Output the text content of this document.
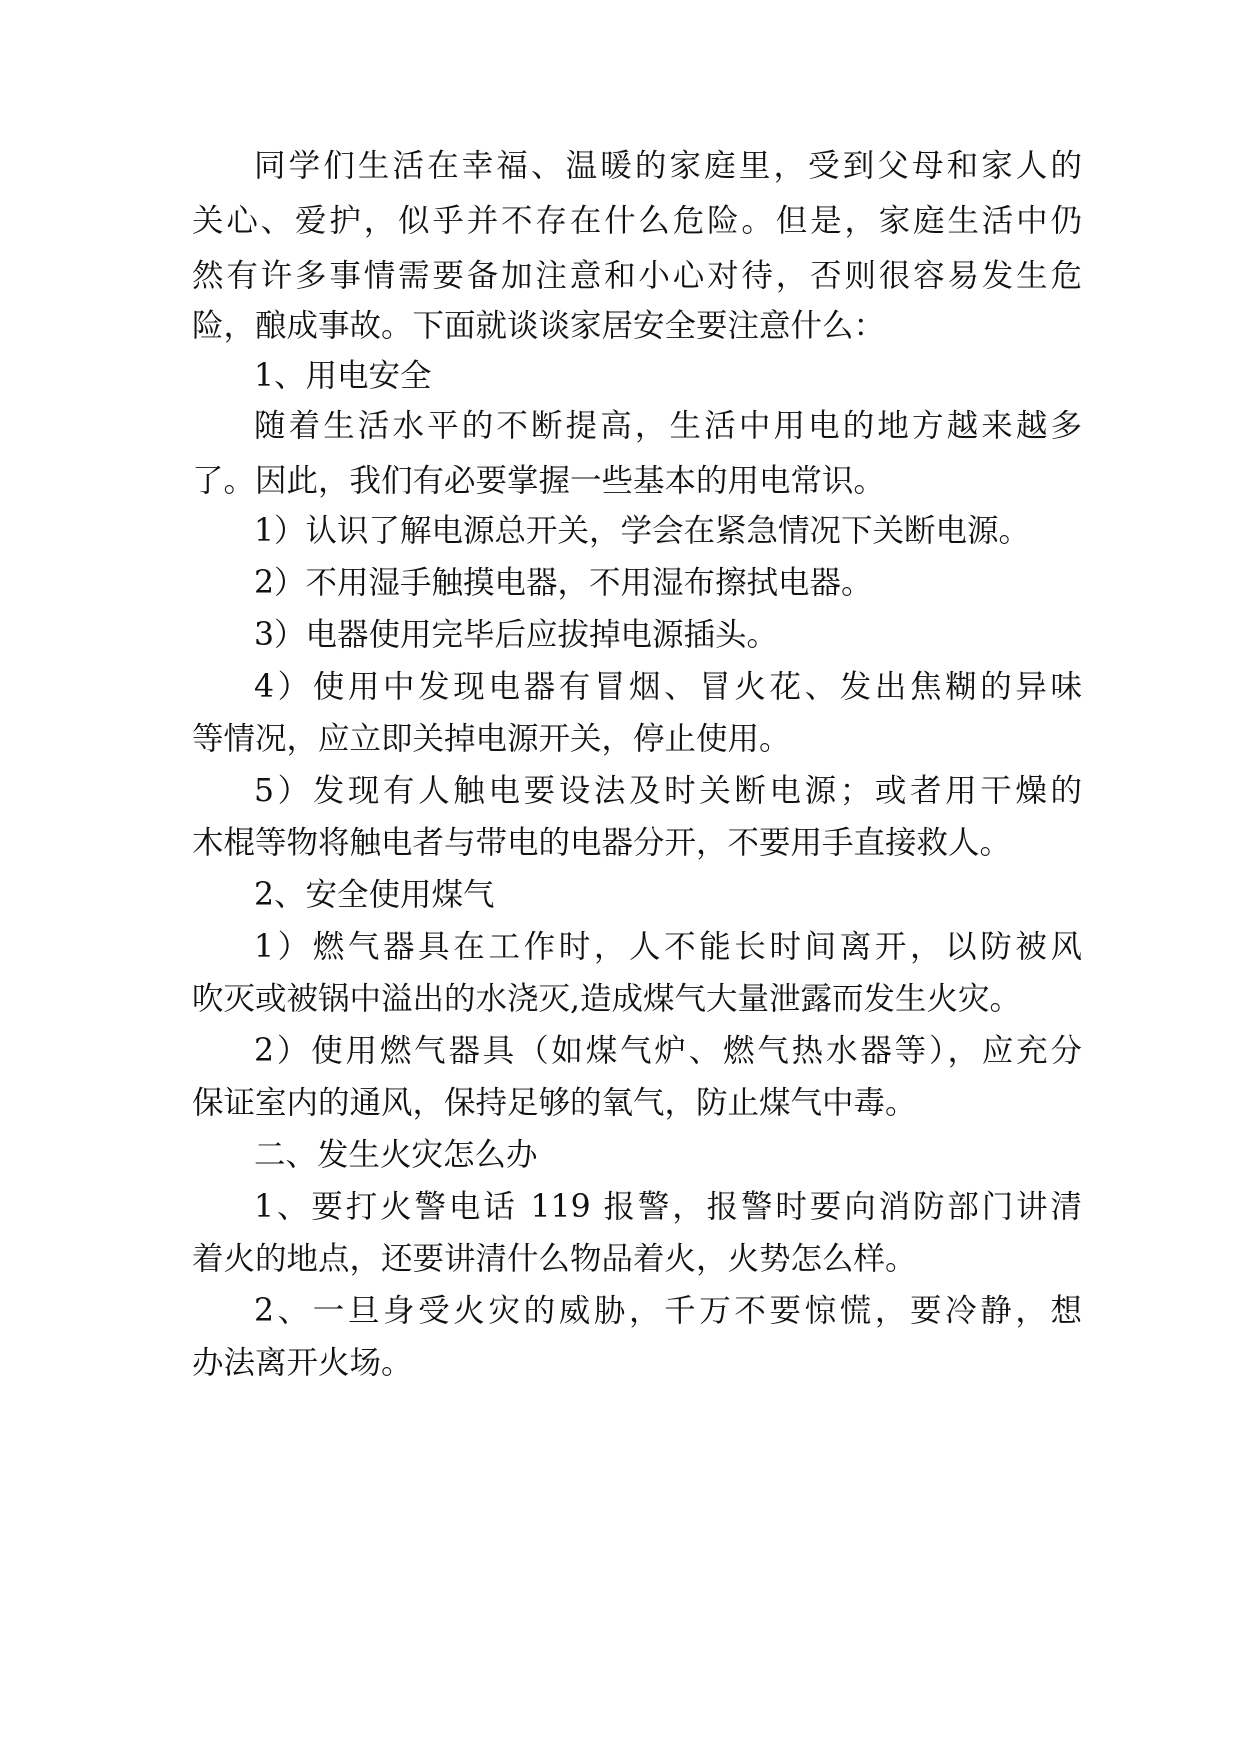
同学们生活在幸福、温暖的家庭里，受到父母和家人的
关心、爱护，似乎并不存在什么危险。但是，家庭生活中仍
然有许多事情需要备加注意和小心对待，否则很容易发生危
险，酿成事故。下面就谈谈家居安全要注意什么：
1、用电安全
随着生活水平的不断提高，生活中用电的地方越来越多
了。因此，我们有必要掌握一些基本的用电常识。
1）认识了解电源总开关，学会在紧急情况下关断电源。
2）不用湿手触摸电器，不用湿布擦拭电器。
3）电器使用完毕后应拔掉电源插头。
4）使用中发现电器有冒烟、冒火花、发出焦糊的异味
等情况，应立即关掉电源开关，停止使用。
5）发现有人触电要设法及时关断电源；或者用干燥的
木棍等物将触电者与带电的电器分开，不要用手直接救人。
2、安全使用煤气
1）燃气器具在工作时，人不能长时间离开，以防被风
吹灭或被锅中溢出的水浇灭,造成煤气大量泄露而发生火灾。
2）使用燃气器具（如煤气炉、燃气热水器等），应充分
保证室内的通风，保持足够的氧气，防止煤气中毒。
二、发生火灾怎么办
1、要打火警电话 119 报警，报警时要向消防部门讲清
着火的地点，还要讲清什么物品着火，火势怎么样。
2、一旦身受火灾的威胁，千万不要惊慌，要冷静，想
办法离开火场。
